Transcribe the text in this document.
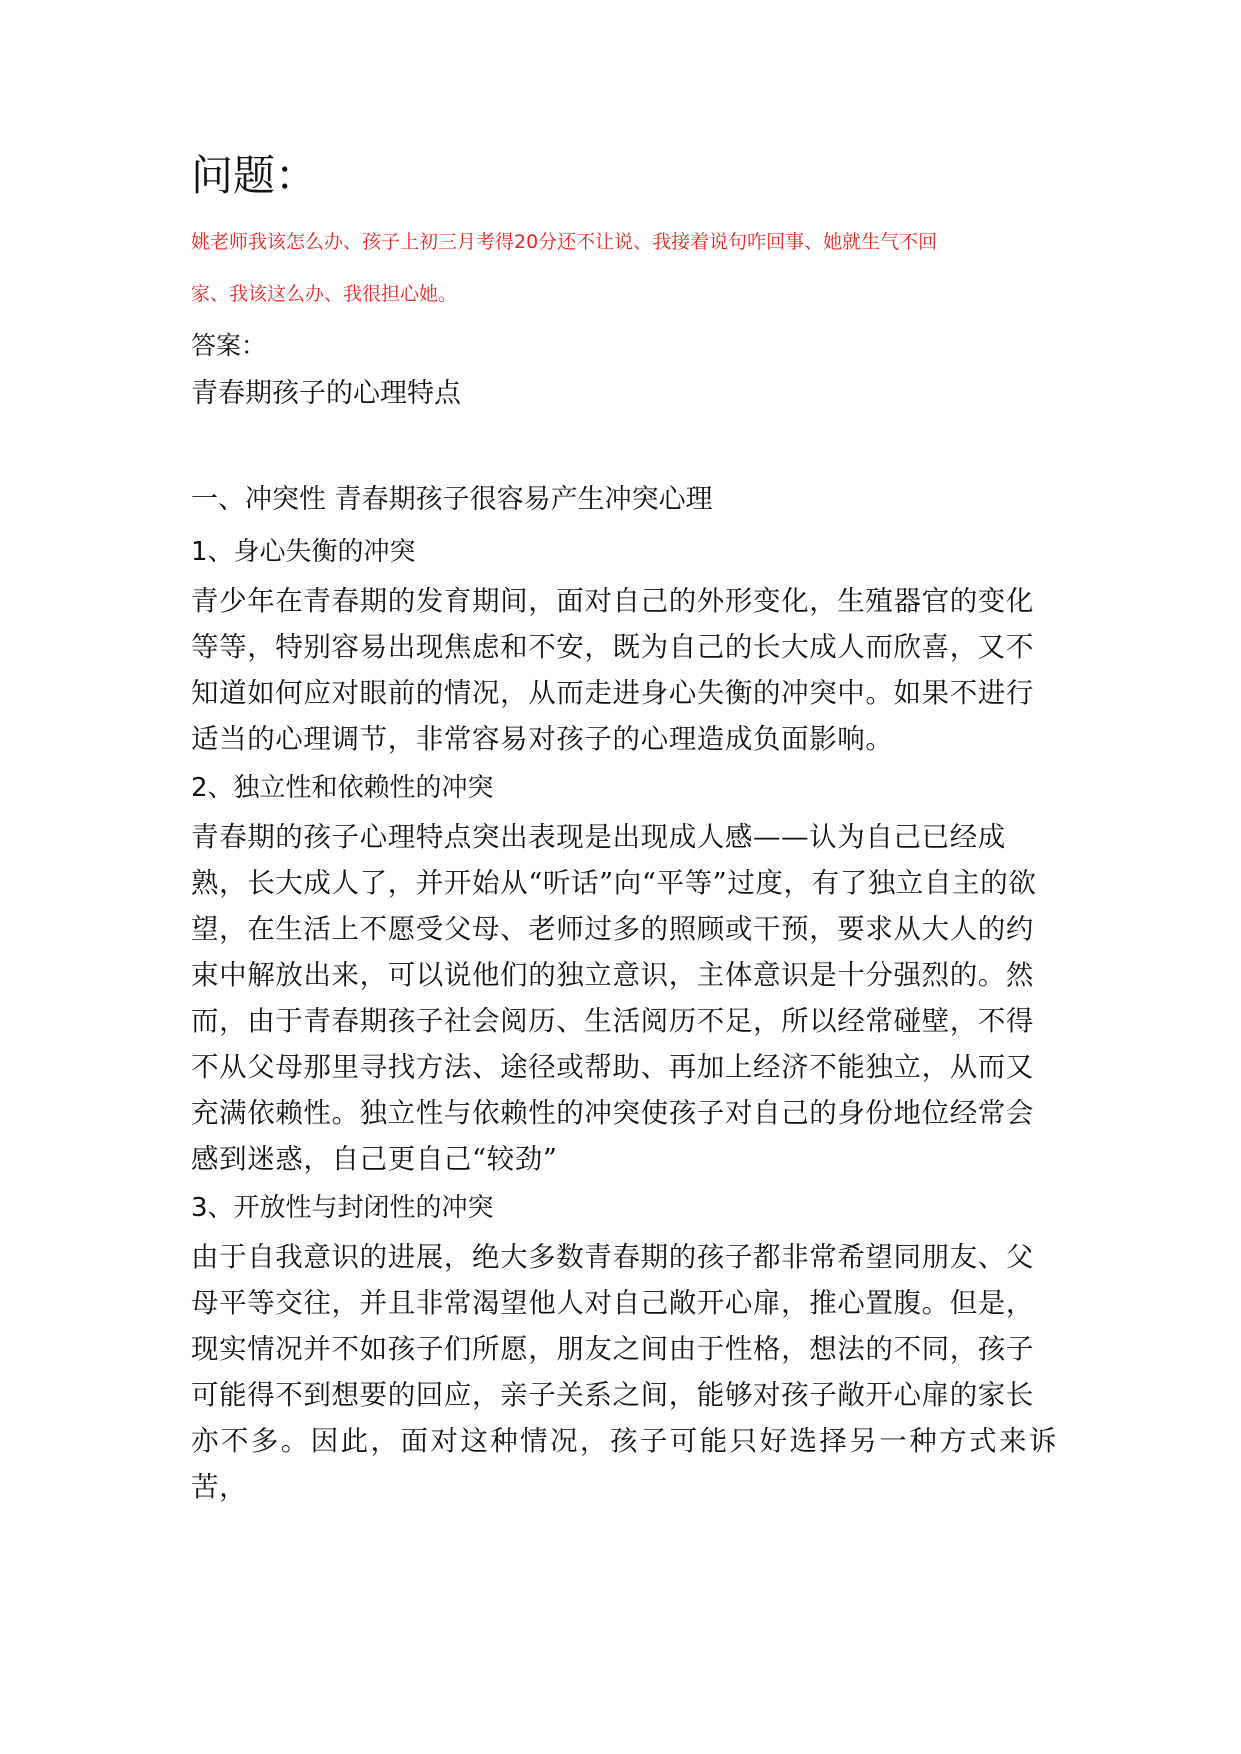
问题：

姚老师我该怎么办、孩子上初三月考得20分还不让说、我接着说句咋回事、她就生气不回

家、我该这么办、我很担心她。

答案：

青春期孩子的心理特点

一、冲突性 青春期孩子很容易产生冲突心理

1、身心失衡的冲突

青少年在青春期的发育期间，面对自己的外形变化，生殖器官的变化

等等，特别容易出现焦虑和不安，既为自己的长大成人而欣喜，又不

知道如何应对眼前的情况，从而走进身心失衡的冲突中。如果不进行

适当的心理调节，非常容易对孩子的心理造成负面影响。

2、独立性和依赖性的冲突

青春期的孩子心理特点突出表现是出现成人感——认为自己已经成

熟，长大成人了，并开始从“听话”向“平等”过度，有了独立自主的欲

望，在生活上不愿受父母、老师过多的照顾或干预，要求从大人的约

束中解放出来，可以说他们的独立意识，主体意识是十分强烈的。然

而，由于青春期孩子社会阅历、生活阅历不足，所以经常碰壁，不得

不从父母那里寻找方法、途径或帮助、再加上经济不能独立，从而又

充满依赖性。独立性与依赖性的冲突使孩子对自己的身份地位经常会

感到迷惑，自己更自己“较劲”

3、开放性与封闭性的冲突

由于自我意识的进展，绝大多数青春期的孩子都非常希望同朋友、父

母平等交往，并且非常渴望他人对自己敞开心扉，推心置腹。但是，

现实情况并不如孩子们所愿，朋友之间由于性格，想法的不同，孩子

可能得不到想要的回应，亲子关系之间，能够对孩子敞开心扉的家长

亦不多。因此，面对这种情况，孩子可能只好选择另一种方式来诉苦，
